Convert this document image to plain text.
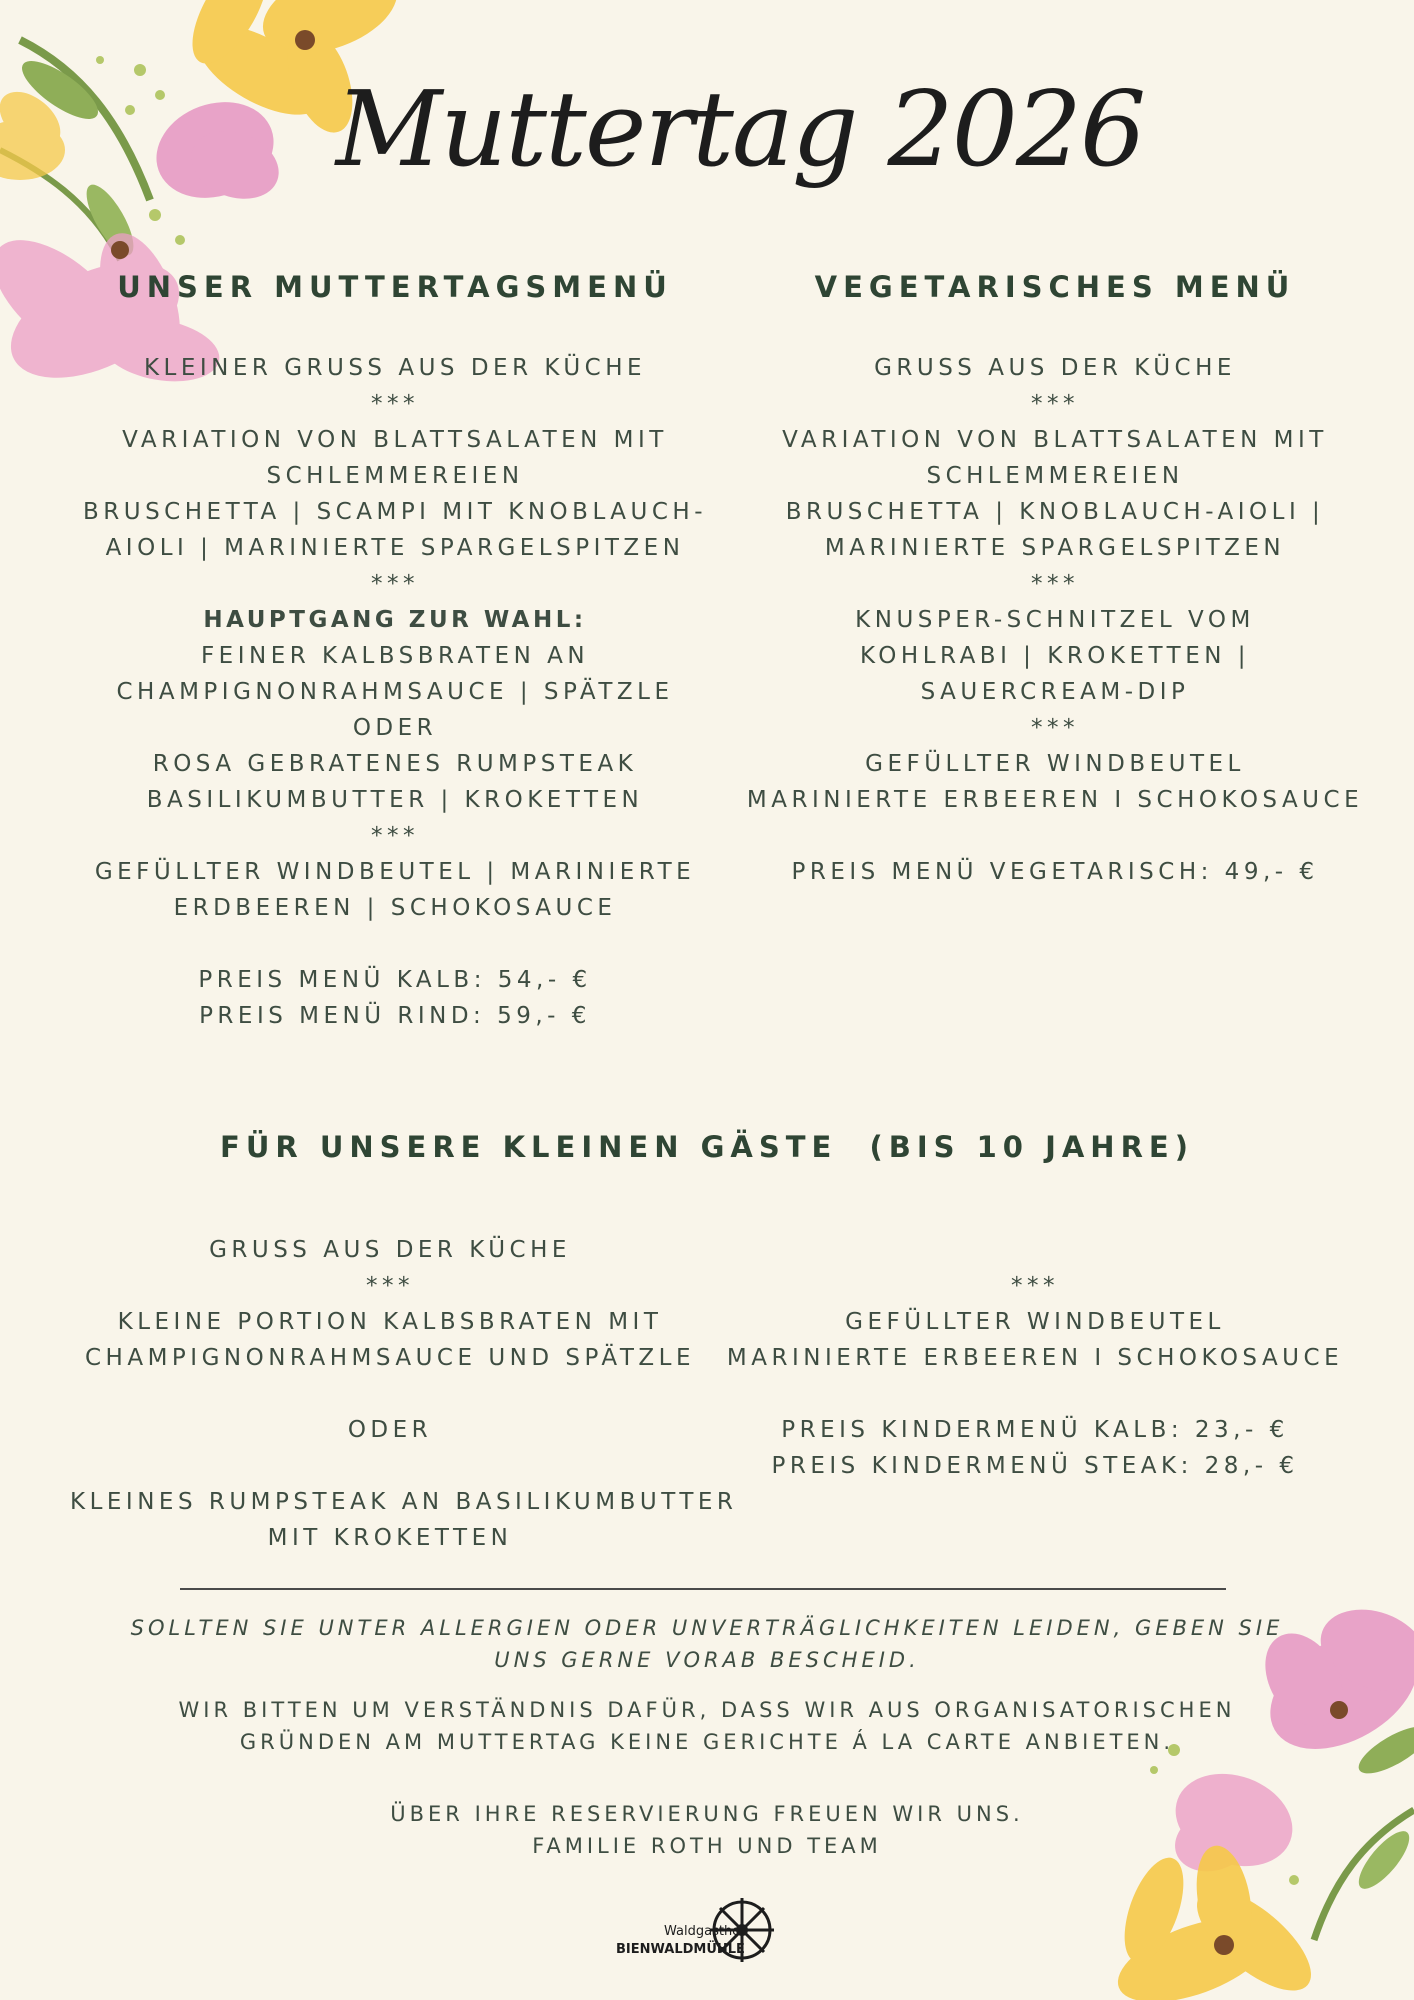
Muttertag 2026
UNSER MUTTERTAGSMENÜ
KLEINER GRUSS AUS DER KÜCHE
***
VARIATION VON BLATTSALATEN MIT
SCHLEMMEREIEN
BRUSCHETTA | SCAMPI MIT KNOBLAUCH-
AIOLI | MARINIERTE SPARGELSPITZEN
***
HAUPTGANG ZUR WAHL:
FEINER KALBSBRATEN AN
CHAMPIGNONRAHMSAUCE | SPÄTZLE
ODER
ROSA GEBRATENES RUMPSTEAK
BASILIKUMBUTTER | KROKETTEN
***
GEFÜLLTER WINDBEUTEL | MARINIERTE
ERDBEEREN | SCHOKOSAUCE
PREIS MENÜ KALB: 54,- €
PREIS MENÜ RIND: 59,- €
VEGETARISCHES MENÜ
GRUSS AUS DER KÜCHE
***
VARIATION VON BLATTSALATEN MIT
SCHLEMMEREIEN
BRUSCHETTA | KNOBLAUCH-AIOLI |
MARINIERTE SPARGELSPITZEN
***
KNUSPER-SCHNITZEL VOM
KOHLRABI | KROKETTEN |
SAUERCREAM-DIP
***
GEFÜLLTER WINDBEUTEL
MARINIERTE ERBEEREN I SCHOKOSAUCE
PREIS MENÜ VEGETARISCH: 49,- €
FÜR UNSERE KLEINEN GÄSTE  (BIS 10 JAHRE)
GRUSS AUS DER KÜCHE
***
KLEINE PORTION KALBSBRATEN MIT
CHAMPIGNONRAHMSAUCE UND SPÄTZLE
ODER
KLEINES RUMPSTEAK AN BASILIKUMBUTTER
MIT KROKETTEN
***
GEFÜLLTER WINDBEUTEL
MARINIERTE ERBEEREN I SCHOKOSAUCE
PREIS KINDERMENÜ KALB: 23,- €
PREIS KINDERMENÜ STEAK: 28,- €
SOLLTEN SIE UNTER ALLERGIEN ODER UNVERTRÄGLICHKEITEN LEIDEN, GEBEN SIE
UNS GERNE VORAB BESCHEID.
WIR BITTEN UM VERSTÄNDNIS DAFÜR, DASS WIR AUS ORGANISATORISCHEN
GRÜNDEN AM MUTTERTAG KEINE GERICHTE Á LA CARTE ANBIETEN.
ÜBER IHRE RESERVIERUNG FREUEN WIR UNS.
FAMILIE ROTH UND TEAM
Waldgasthof
BIENWALDMÜHLE
